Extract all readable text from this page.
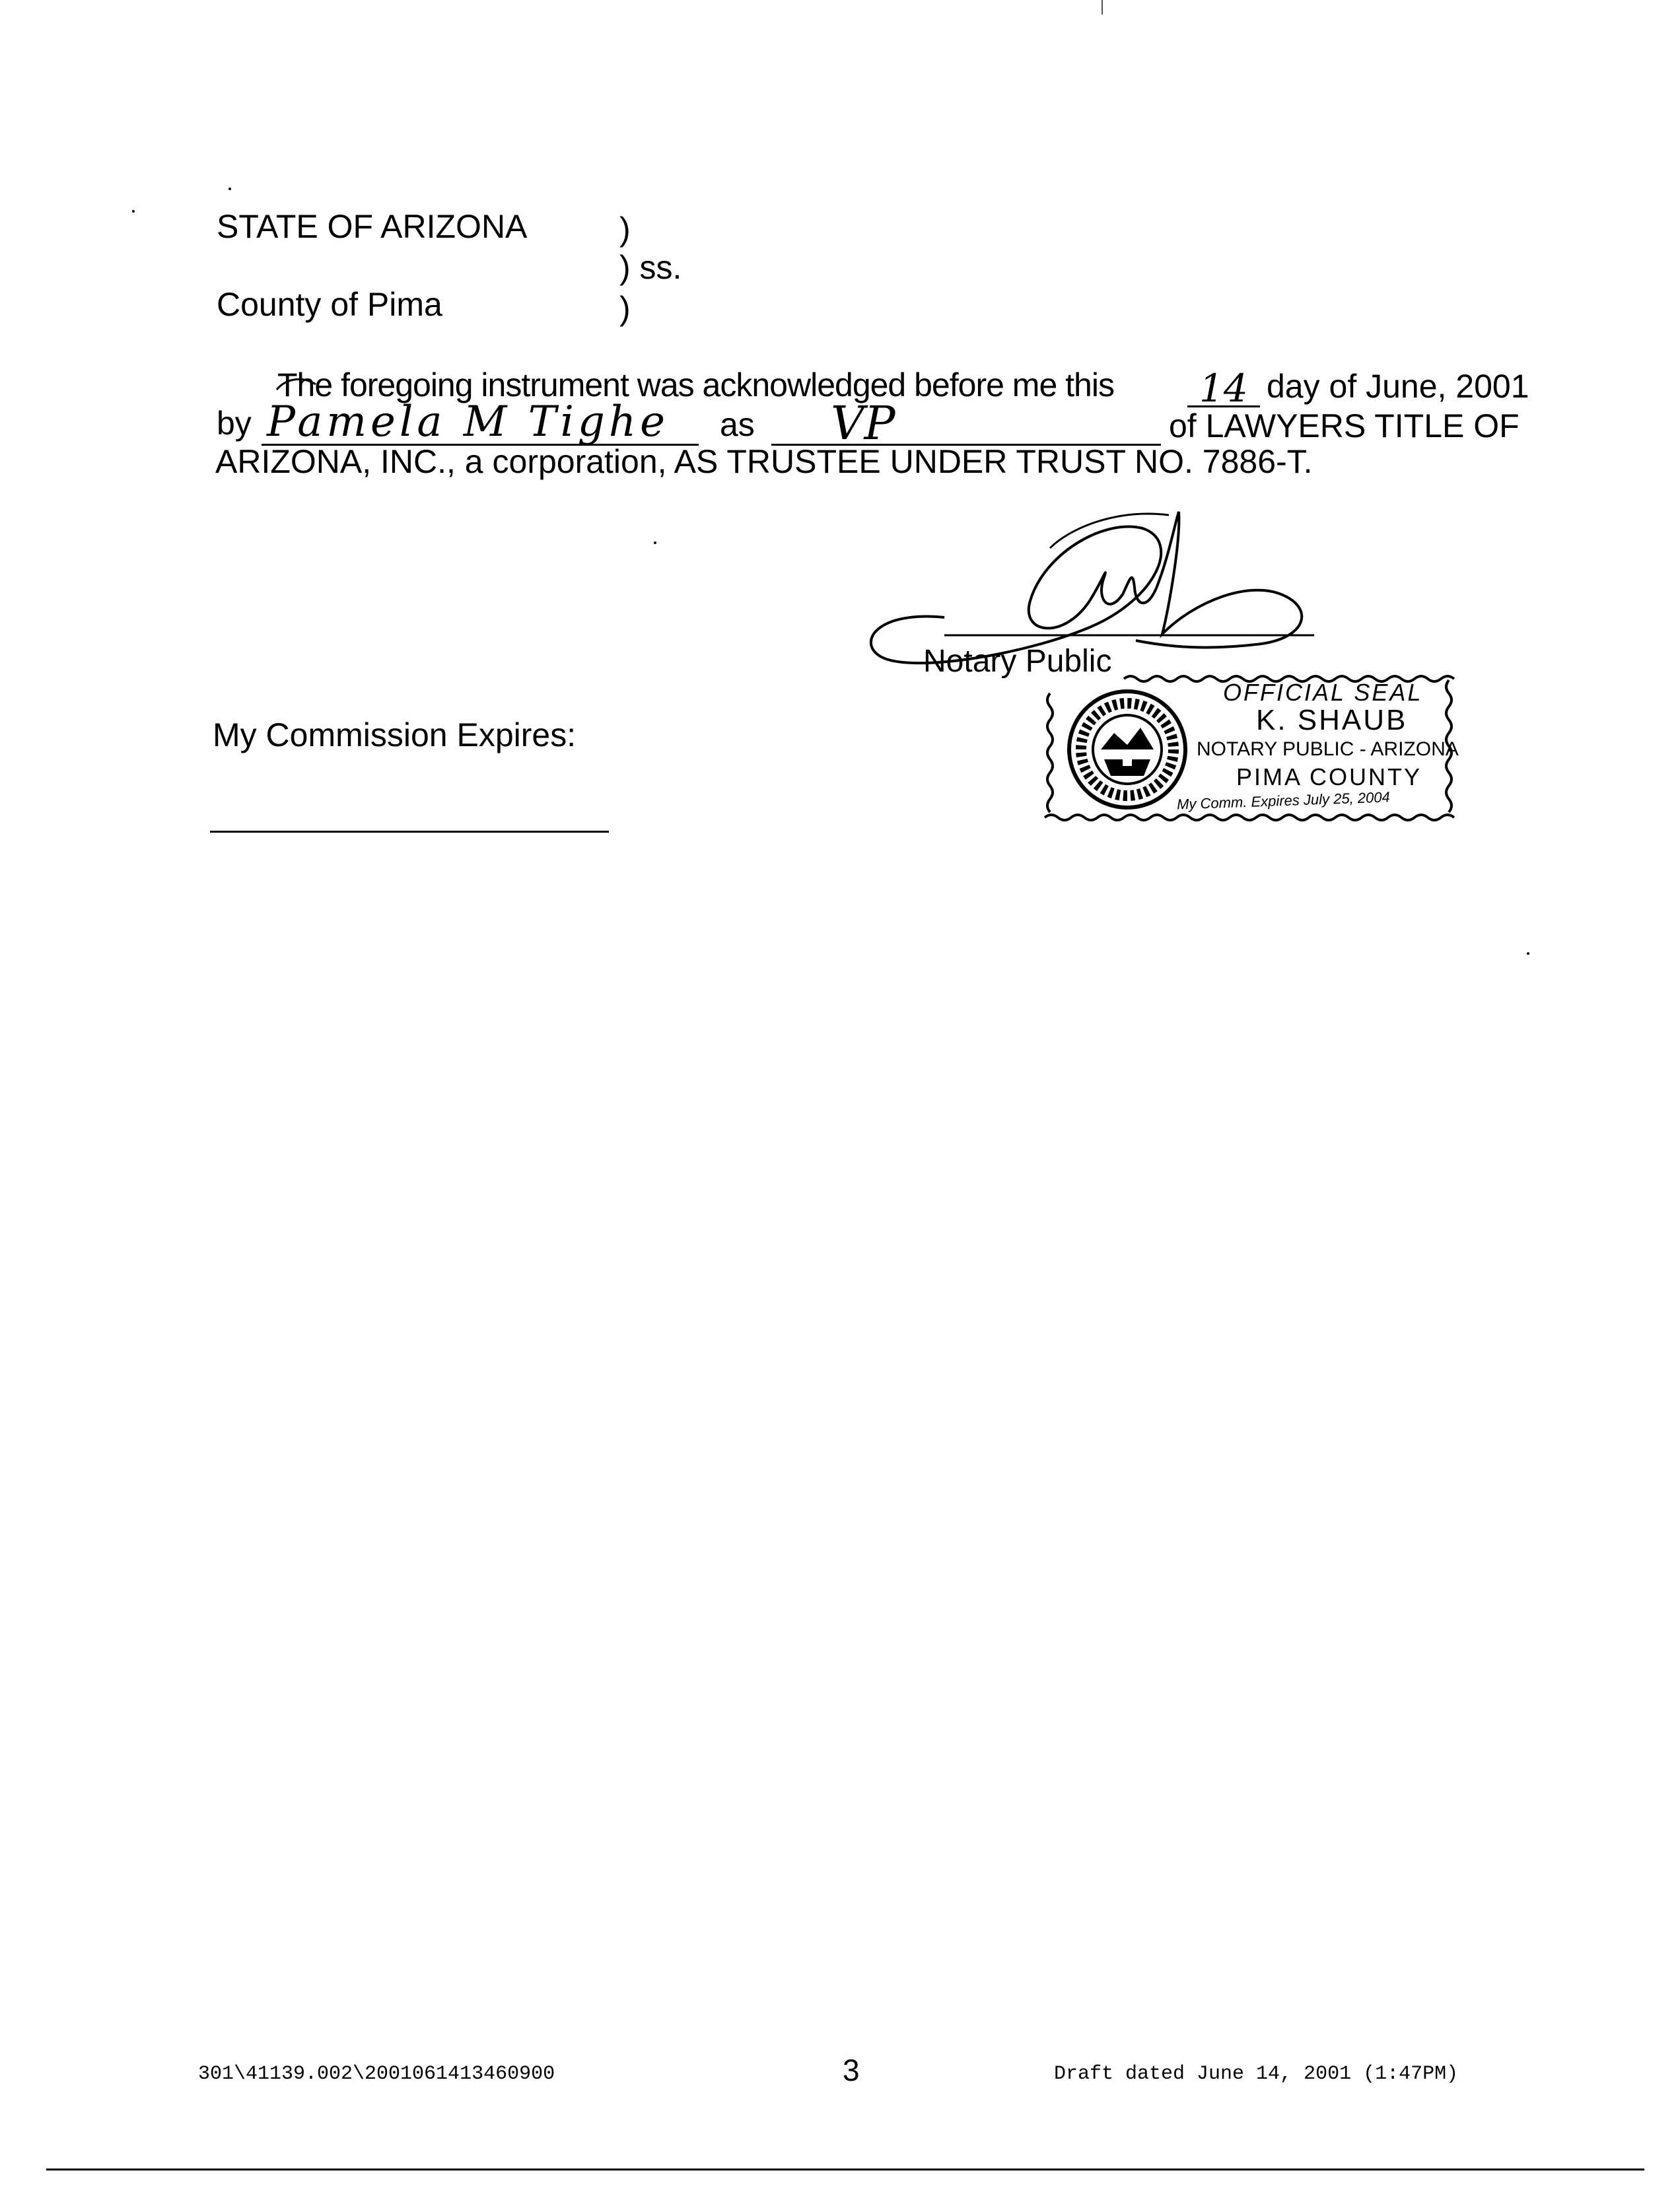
STATE OF ARIZONA	)
) ss.
County of Pima	)
The foregoing instrument was acknowledged before me this 14 day of June, 2001
by Pamela M Tighe as VP	of LAWYERS TITLE OF
ARIZONA, INC., a corporation, AS TRUSTEE UNDER TRUST NO. 7886-T.
Notary Public
OFFICIAL SEAL
K. SHAUB
NOTARY PUBLIC - ARIZONA
PIMA COUNTY
My Comm. Expires July 25, 2004
My Commission Expires:
301\41139.002\2001061413460900	3	Draft dated June 14, 2001 (1:47PM)
